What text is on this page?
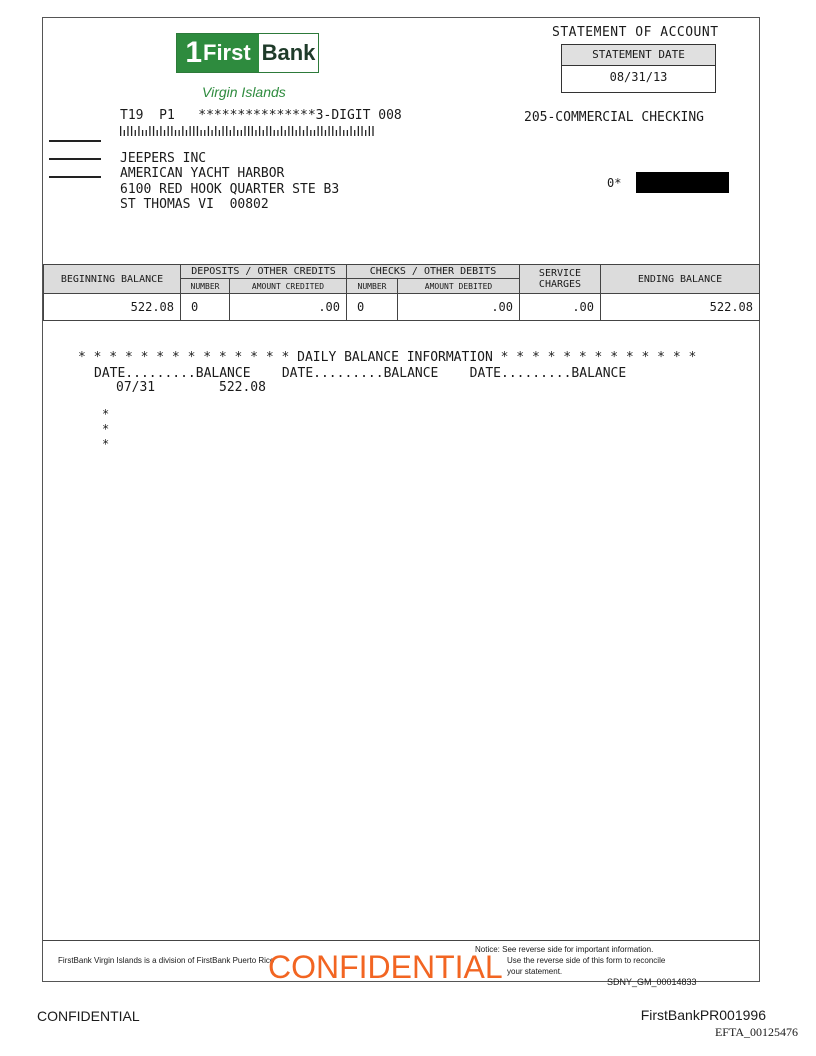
1 First Bank
Virgin Islands
STATEMENT OF ACCOUNT
STATEMENT DATE
08/31/13
T19  P1   ***************3-DIGIT 008	205-COMMERCIAL CHECKING
JEEPERS INC
AMERICAN YACHT HARBOR
6100 RED HOOK QUARTER STE B3
ST THOMAS VI  00802
0*
BEGINNING BALANCE	DEPOSITS / OTHER CREDITS		CHECKS / OTHER DEBITS		SERVICE CHARGES	ENDING BALANCE
	NUMBER	AMOUNT CREDITED	NUMBER	AMOUNT DEBITED		
522.08	0	.00	0	.00	.00	522.08
* * * * * * * * * * * * * * DAILY BALANCE INFORMATION * * * * * * * * * * * * *
DATE.........BALANCE    DATE.........BALANCE    DATE.........BALANCE
07/31	522.08
*
*
*
FirstBank Virgin Islands is a division of FirstBank Puerto Rico
Notice: See reverse side for important information.
Use the reverse side of this form to reconcile
your statement.
CONFIDENTIAL	SDNY_GM_00014833
CONFIDENTIAL	FirstBankPR001996
EFTA_00125476
